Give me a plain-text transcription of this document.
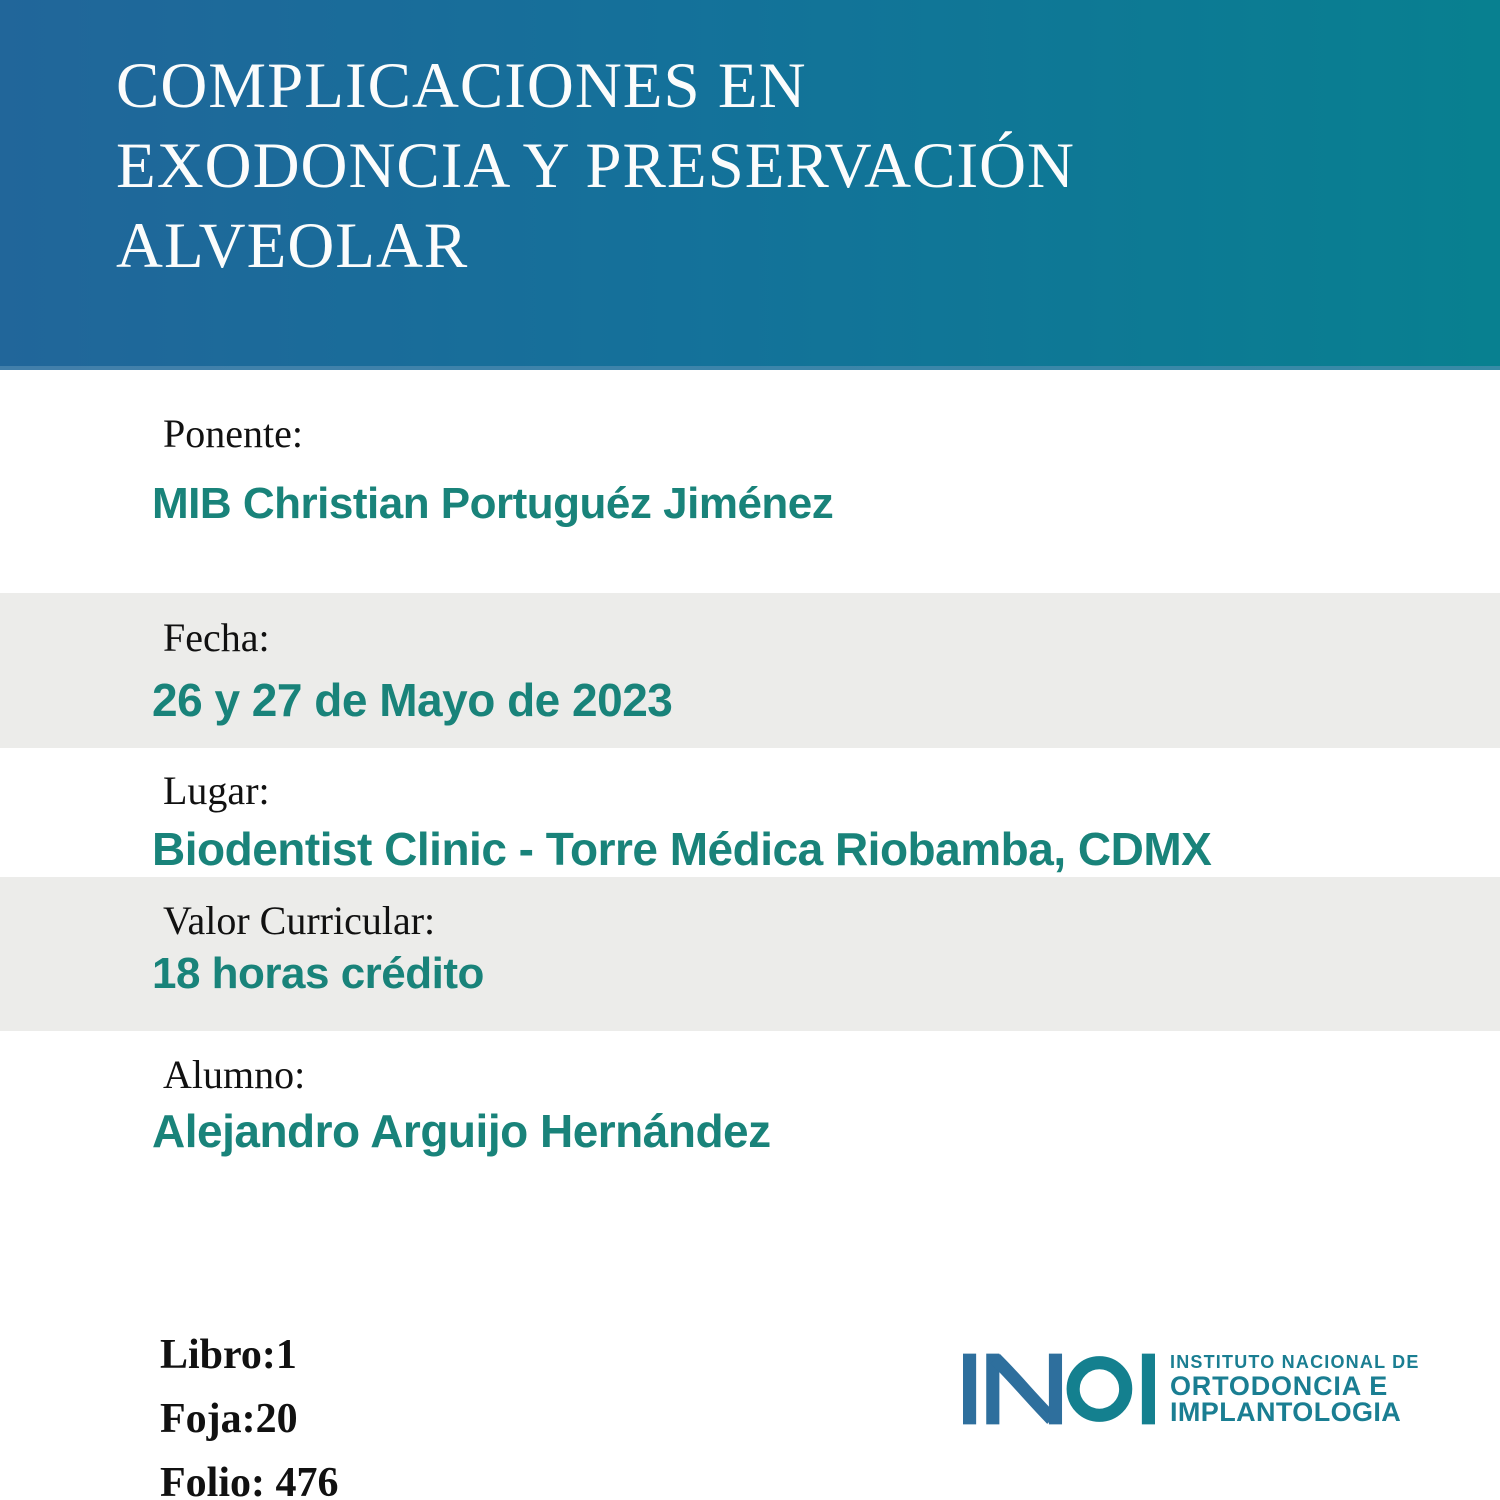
COMPLICACIONES EN
EXODONCIA Y PRESERVACIÓN
ALVEOLAR
Ponente:
MIB Christian Portuguéz Jiménez
Fecha:
26 y 27 de Mayo de 2023
Lugar:
Biodentist Clinic - Torre Médica Riobamba, CDMX
Valor Curricular:
18 horas crédito
Alumno:
Alejandro Arguijo Hernández
Libro:1
Foja:20
Folio: 476
INSTITUTO NACIONAL DE
ORTODONCIA E
IMPLANTOLOGIA
